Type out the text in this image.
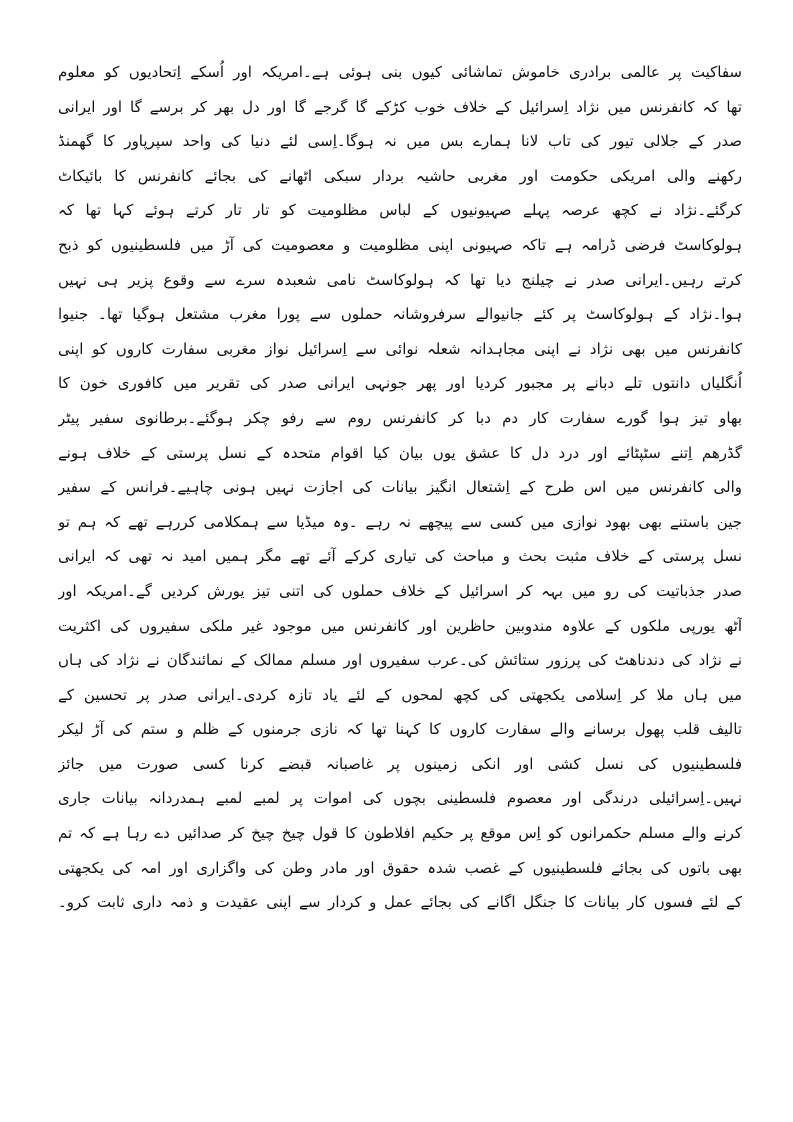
سفاکیت پر عالمی برادری خاموش تماشائی کیوں بنی ہوئی ہے۔امریکہ اور اُسکے اِتحادیوں کو معلوم
تھا کہ کانفرنس میں نژاد اِسرائیل کے خلاف خوب کڑکے گا گرجے گا اور دل بھر کر برسے گا اور ایرانی
صدر کے جلالی تیور کی تاب لانا ہمارے بس میں نہ ہوگا۔اِسی لئے دنیا کی واحد سپرپاور کا گھمنڈ
رکھنے والی امریکی حکومت اور مغربی حاشیہ بردار سبکی اٹھانے کی بجائے کانفرنس کا بائیکاٹ
کرگئے۔نژاد نے کچھ عرصہ پہلے صہیونیوں کے لباس مظلومیت کو تار تار کرتے ہوئے کہا تھا کہ
ہولوکاسٹ فرضی ڈرامہ ہے تاکہ صہیونی اپنی مظلومیت و معصومیت کی آڑ میں فلسطینیوں کو ذبح
کرتے رہیں۔ایرانی صدر نے چیلنج دیا تھا کہ ہولوکاسٹ نامی شعبدہ سرے سے وقوع پزیر ہی نہیں
ہوا۔نژاد کے ہولوکاسٹ پر کئے جانیوالے سرفروشانہ حملوں سے پورا مغرب مشتعل ہوگیا تھا۔ جنیوا
کانفرنس میں بھی نژاد نے اپنی مجاہدانہ شعلہ نوائی سے اِسرائیل نواز مغربی سفارت کاروں کو اپنی
اُنگلیاں دانتوں تلے دبانے پر مجبور کردیا اور پھر جونہی ایرانی صدر کی تقریر میں کافوری خون کا
بھاو تیز ہوا گورے سفارت کار دم دبا کر کانفرنس روم سے رفو چکر ہوگئے۔برطانوی سفیر پیٹر
گڈرھم اِتنے سٹپٹائے اور درد دل کا عشق یوں بیان کیا اقوام متحدہ کے نسل پرستی کے خلاف ہونے
والی کانفرنس میں اس طرح کے اِشتعال انگیز بیانات کی اجازت نہیں ہونی چاہیے۔فرانس کے سفیر
جین باستنے بھی بھود نوازی میں کسی سے پیچھے نہ رہے ۔وہ میڈیا سے ہمکلامی کررہے تھے کہ ہم تو
نسل پرستی کے خلاف مثبت بحث و مباحث کی تیاری کرکے آئے تھے مگر ہمیں امید نہ تھی کہ ایرانی
صدر جذباتیت کی رو میں بہہ کر اسرائیل کے خلاف حملوں کی اتنی تیز یورش کردیں گے۔امریکہ اور
آٹھ یورپی ملکوں کے علاوہ مندوبین حاظرین اور کانفرنس میں موجود غیر ملکی سفیروں کی اکثریت
نے نژاد کی دندناھٹ کی پرزور ستائش کی۔عرب سفیروں اور مسلم ممالک کے نمائندگان نے نژاد کی ہاں
میں ہاں ملا کر اِسلامی یکجھتی کی کچھ لمحوں کے لئے یاد تازہ کردی۔ایرانی صدر پر تحسین کے
تالیف قلب پھول برسانے والے سفارت کاروں کا کہنا تھا کہ نازی جرمنوں کے ظلم و ستم کی آڑ لیکر
فلسطینیوں کی نسل کشی اور انکی زمینوں پر غاصبانہ قبضے کرنا کسی صورت میں جائز
نہیں۔اِسرائیلی درندگی اور معصوم فلسطینی بچوں کی اموات پر لمبے لمبے ہمدردانہ بیانات جاری
کرنے والے مسلم حکمرانوں کو اِس موقع پر حکیم افلاطون کا قول چیخ چیخ کر صدائیں دے رہا ہے کہ تم
بھی باتوں کی بجائے فلسطینیوں کے غصب شدہ حقوق اور مادر وطن کی واگزاری اور امہ کی یکجھتی
کے لئے فسوں کار بیانات کا جنگل اگانے کی بجائے عمل و کردار سے اپنی عقیدت و ذمہ داری ثابت کرو۔
